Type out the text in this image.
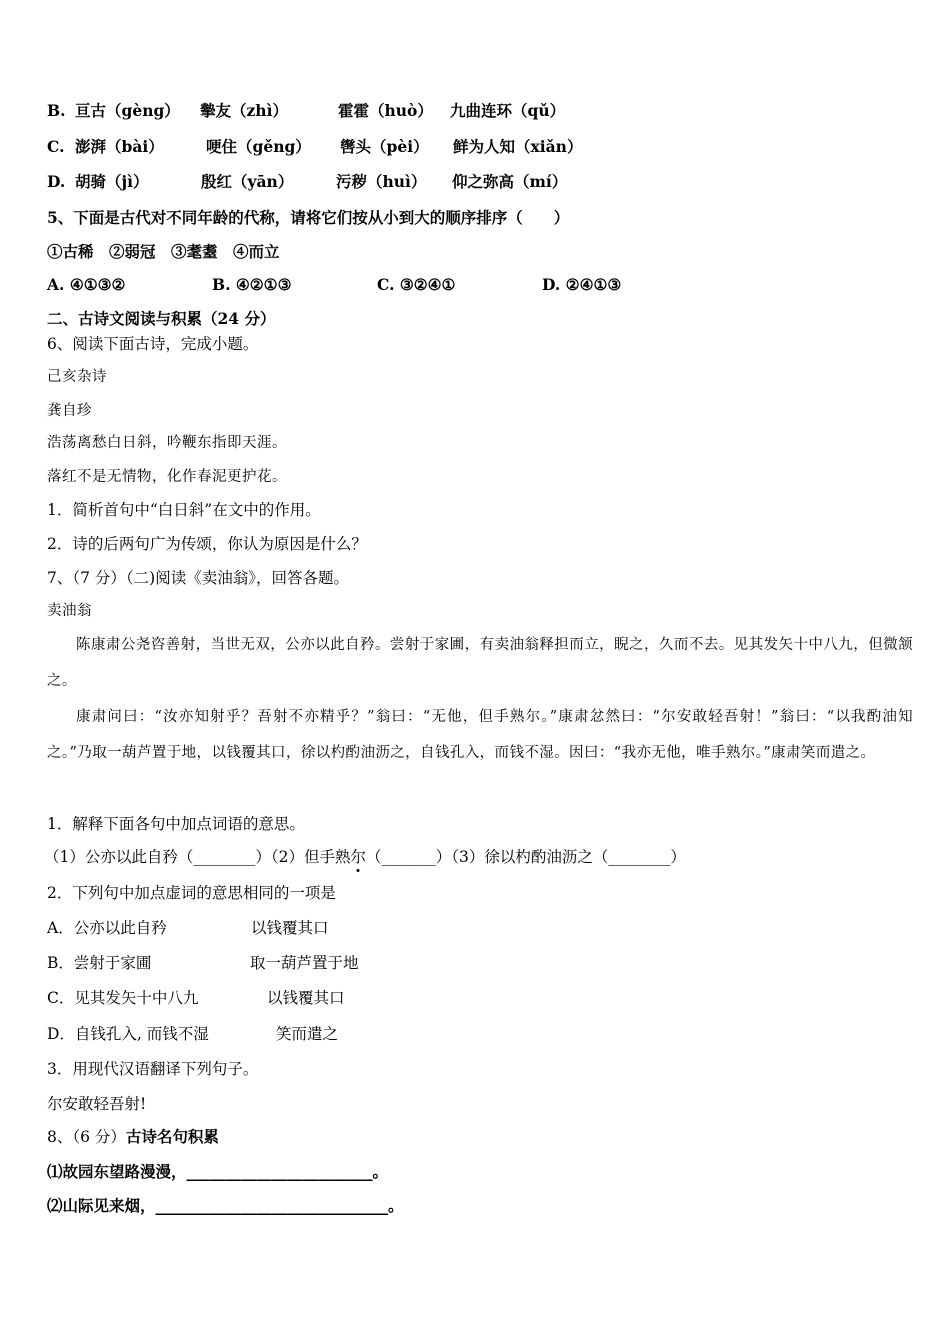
B. 亘古（gèng） 摰友（zhì）	霍霍（huò） 九曲连环（qǔ）
C. 澎湃（bài）	哽住（gěng） 辔头（pèi） 鲜为人知（xiǎn）
D. 胡骑（jì）	殷红（yān）	污秽（huì） 仰之弥高（mí）
5、下面是古代对不同年龄的代称，请将它们按从小到大的顺序排序（　　）
①古稀　②弱冠　③耄耋　④而立
A. ④①③②	B. ④②①③	C. ③②④①	D. ②④①③
二、古诗文阅读与积累（24 分）
6、阅读下面古诗，完成小题。
己亥杂诗
龚自珍
浩荡离愁白日斜，吟鞭东指即天涯。
落红不是无情物，化作春泥更护花。
1．简析首句中“白日斜”在文中的作用。
2．诗的后两句广为传颂，你认为原因是什么？
7、（7 分）（二)阅读《卖油翁》，回答各题。
卖油翁
陈康肃公尧咨善射，当世无双，公亦以此自矜。尝射于家圃，有卖油翁释担而立，睨之，久而不去。见其发矢十中八九，但微颔之。
康肃问曰：“汝亦知射乎？吾射不亦精乎？”翁曰：“无他，但手熟尔。”康肃忿然曰：“尔安敢轻吾射！”翁曰：“以我酌油知之。”乃取一葫芦置于地，以钱覆其口，徐以杓酌油沥之，自钱孔入，而钱不湿。因曰：“我亦无他，唯手熟尔。”康肃笑而遣之。
1．解释下面各句中加点词语的意思。
（1）公亦以此自矜（________）（2）但手熟尔（_______）（3）徐以杓酌油沥之（________）
2．下列句中加点虚词的意思相同的一项是
A．公亦以此自矜	以钱覆其口
B．尝射于家圃	取一葫芦置于地
C．见其发矢十中八九	以钱覆其口
D．自钱孔入, 而钱不湿	笑而遣之
3．用现代汉语翻译下列句子。
尔安敢轻吾射!
8、（6 分）古诗名句积累
⑴故园东望路漫漫，________________________。
⑵山际见来烟，______________________________。
